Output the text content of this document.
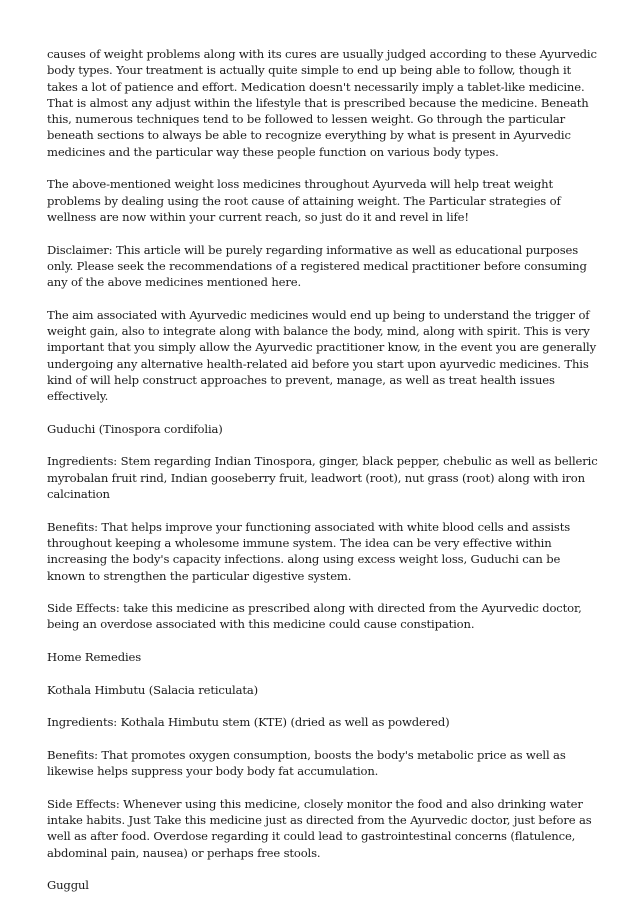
causes of weight problems along with its cures are usually judged according to these Ayurvedic body types. Your treatment is actually quite simple to end up being able to follow, though it takes a lot of patience and effort. Medication doesn't necessarily imply a tablet-like medicine. That is almost any adjust within the lifestyle that is prescribed because the medicine. Beneath this, numerous techniques tend to be followed to lessen weight. Go through the particular beneath sections to always be able to recognize everything by what is present in Ayurvedic medicines and the particular way these people function on various body types.

The above-mentioned weight loss medicines throughout Ayurveda will help treat weight problems by dealing using the root cause of attaining weight. The Particular strategies of wellness are now within your current reach, so just do it and revel in life!

Disclaimer: This article will be purely regarding informative as well as educational purposes only. Please seek the recommendations of a registered medical practitioner before consuming any of the above medicines mentioned here.

The aim associated with Ayurvedic medicines would end up being to understand the trigger of weight gain, also to integrate along with balance the body, mind, along with spirit. This is very important that you simply allow the Ayurvedic practitioner know, in the event you are generally undergoing any alternative health-related aid before you start upon ayurvedic medicines. This kind of will help construct approaches to prevent, manage, as well as treat health issues effectively.

Guduchi (Tinospora cordifolia)

Ingredients: Stem regarding Indian Tinospora, ginger, black pepper, chebulic as well as belleric myrobalan fruit rind, Indian gooseberry fruit, leadwort (root), nut grass (root) along with iron calcination

Benefits: That helps improve your functioning associated with white blood cells and assists throughout keeping a wholesome immune system. The idea can be very effective within increasing the body's capacity infections. along using excess weight loss, Guduchi can be known to strengthen the particular digestive system.

Side Effects: take this medicine as prescribed along with directed from the Ayurvedic doctor, being an overdose associated with this medicine could cause constipation.

Home Remedies

Kothala Himbutu (Salacia reticulata)

Ingredients: Kothala Himbutu stem (KTE) (dried as well as powdered)

Benefits: That promotes oxygen consumption, boosts the body's metabolic price as well as likewise helps suppress your body body fat accumulation.

Side Effects: Whenever using this medicine, closely monitor the food and also drinking water intake habits. Just Take this medicine just as directed from the Ayurvedic doctor, just before as well as after food. Overdose regarding it could lead to gastrointestinal concerns (flatulence, abdominal pain, nausea) or perhaps free stools.

Guggul
